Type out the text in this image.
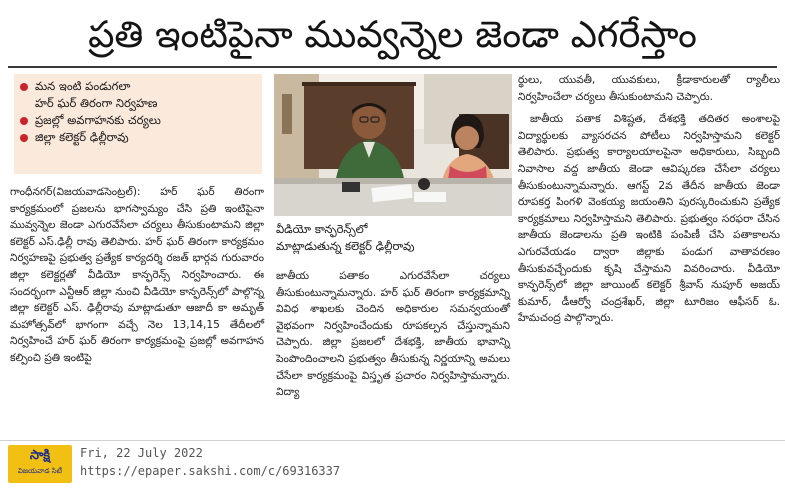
ప్రతి ఇంటిపైనా మువ్వన్నెల జెండా ఎగరేస్తాం
మన ఇంటి పండుగలా
హర్ ఘర్ తిరంగా నిర్వహణ
ప్రజల్లో అవగాహనకు చర్యలు
జిల్లా కలెక్టర్ ఢిల్లీరావు

గాంధీనగర్(విజయవాడసెంట్రల్): హర్ ఘర్ తిరంగా కార్యక్రమంలో ప్రజలను భాగస్వామ్యం చేసి ప్రతి ఇంటిపైనా మువ్వన్నెల జెండా ఎగురవేసేలా చర్యలు తీసుకుంటామని జిల్లా కలెక్టర్ ఎస్.ఢిల్లీ రావు తెలిపారు. హర్ ఘర్ తిరంగా కార్యక్రమం నిర్వహణపై ప్రభుత్వ ప్రత్యేక కార్యదర్శి రజత్ భార్గవ గురువారం జిల్లా కలెక్టర్లతో వీడియో కాన్ఫరెన్స్ నిర్వహించారు. ఈ సందర్భంగా ఎన్టీఆర్ జిల్లా నుంచి వీడియో కాన్ఫరెన్స్‌లో పాల్గొన్న జిల్లా కలెక్టర్ ఎస్. ఢిల్లీరావు మాట్లాడుతూ ఆజాదీ కా అమృత్ మహోత్సవ్‌లో భాగంగా వచ్చే నెల 13,14,15 తేదీలలో నిర్వహించే హర్ ఘర్ తిరంగా కార్యక్రమంపై ప్రజల్లో అవగాహన కల్పించి ప్రతి ఇంటిపై

వీడియో కాన్ఫరెన్స్‌లో
మాట్లాడుతున్న కలెక్టర్ ఢిల్లీరావు

జాతీయ పతాకం ఎగురవేసేలా చర్యలు తీసుకుంటున్నామన్నారు. హర్ ఘర్ తిరంగా కార్యక్రమాన్ని వివిధ శాఖలకు చెందిన అధికారుల సమన్వయంతో వైభవంగా నిర్వహించేందుకు రూపకల్పన చేస్తున్నామని చెప్పారు. జిల్లా ప్రజలలో దేశభక్తి, జాతీయ భావాన్ని పెంపొందించాలని ప్రభుత్వం తీసుకున్న నిర్ణయాన్ని అమలు చేసేలా కార్యక్రమంపై విస్తృత ప్రచారం నిర్వహిస్తామన్నారు. విద్యా

ర్థులు, యువతీ, యువకులు, క్రీడాకారులతో ర్యాలీలు నిర్వహించేలా చర్యలు తీసుకుంటామని చెప్పారు.

జాతీయ పతాక విశిష్టత, దేశభక్తి తదితర అంశాలపై విద్యార్థులకు వ్యాసరచన పోటీలు నిర్వహిస్తామని కలెక్టర్ తెలిపారు. ప్రభుత్వ కార్యాలయాలపైనా అధికారులు, సిబ్బంది నివాసాల వద్ద జాతీయ జెండా ఆవిష్కరణ చేసేలా చర్యలు తీసుకుంటున్నామన్నారు. ఆగస్ట్ 2వ తేదీన జాతీయ జెండా రూపకర్త పింగళి వెంకయ్య జయంతిని పురస్కరించుకుని ప్రత్యేక కార్యక్రమాలు నిర్వహిస్తామని తెలిపారు. ప్రభుత్వం సరఫరా చేసిన జాతీయ జెండాలను ప్రతి ఇంటికి పంపిణీ చేసి పతాకాలను ఎగురవేయడం ద్వారా జిల్లాకు పండుగ వాతావరణం తీసుకువచ్చేందుకు కృషి చేస్తామని వివరించారు. వీడియో కాన్ఫరెన్స్‌లో జిల్లా జాయింట్ కలెక్టర్ శ్రీవాస్ నుపూర్ అజయ్ కుమార్, డీఆర్వో చంద్రశేఖర్, జిల్లా టూరిజం ఆఫీసర్ ఓ. హేమచంద్ర పాల్గొన్నారు.

సాక్షి
విజయవాడ సిటీ
Fri, 22 July 2022
https://epaper.sakshi.com/c/69316337
